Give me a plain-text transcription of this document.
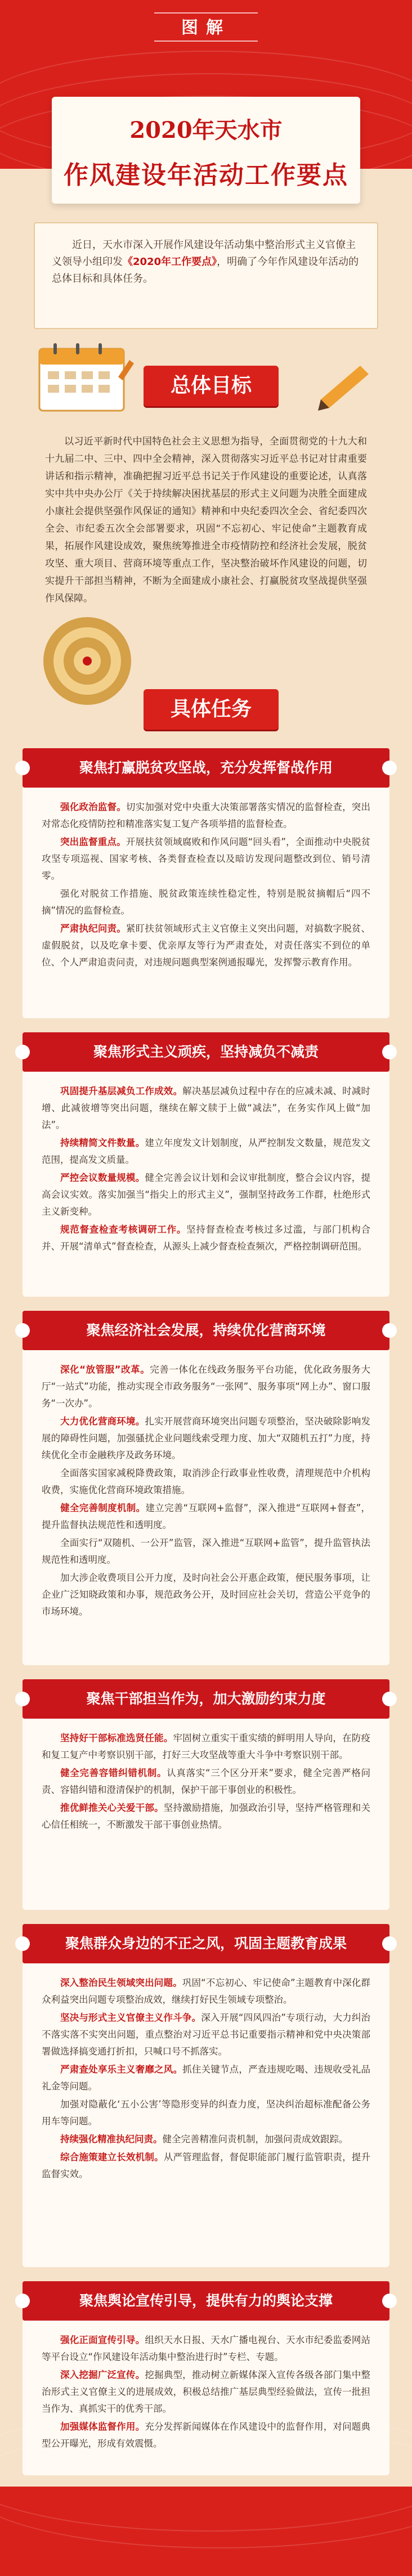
图解
2020年天水市
作风建设年活动工作要点
近日，天水市深入开展作风建设年活动集中整治形式主义官僚主义领导小组印发《2020年工作要点》，明确了今年作风建设年活动的总体目标和具体任务。
总体目标
以习近平新时代中国特色社会主义思想为指导，全面贯彻党的十九大和十九届二中、三中、四中全会精神，深入贯彻落实习近平总书记对甘肃重要讲话和指示精神，准确把握习近平总书记关于作风建设的重要论述，认真落实中共中央办公厅《关于持续解决困扰基层的形式主义问题为决胜全面建成小康社会提供坚强作风保证的通知》精神和中央纪委四次全会、省纪委四次全会、市纪委五次全会部署要求，巩固“不忘初心、牢记使命”主题教育成果，拓展作风建设成效，聚焦统筹推进全市疫情防控和经济社会发展，脱贫攻坚、重大项目、营商环境等重点工作，坚决整治破坏作风建设的问题，切实提升干部担当精神，不断为全面建成小康社会、打赢脱贫攻坚战提供坚强作风保障。
具体任务
聚焦打赢脱贫攻坚战，充分发挥督战作用

强化政治监督。切实加强对党中央重大决策部署落实情况的监督检查，突出对常态化疫情防控和精准落实复工复产各项举措的监督检查。

突出监督重点。开展扶贫领域腐败和作风问题“回头看”，全面推动中央脱贫攻坚专项巡视、国家考核、各类督查检查以及暗访发现问题整改到位、销号清零。

强化对脱贫工作措施、脱贫政策连续性稳定性，特别是脱贫摘帽后“四不摘”情况的监督检查。

严肃执纪问责。紧盯扶贫领域形式主义官僚主义突出问题，对搞数字脱贫、虚假脱贫，以及吃拿卡要、优亲厚友等行为严肃查处，对责任落实不到位的单位、个人严肃追责问责，对违规问题典型案例通报曝光，发挥警示教育作用。

聚焦形式主义顽疾，坚持减负不减责

巩固提升基层减负工作成效。解决基层减负过程中存在的应减未减、时减时增、此减彼增等突出问题，继续在解文牍于上做“减法”，在务实作风上做“加法”。

持续精简文件数量。建立年度发文计划制度，从严控制发文数量，规范发文范围，提高发文质量。

严控会议数量规模。健全完善会议计划和会议审批制度，整合会议内容，提高会议实效。落实加强当“指尖上的形式主义”，强制坚持政务工作群，杜绝形式主义新变种。

规范督查检查考核调研工作。坚持督查检查考核过多过滥，与部门机构合并、开展“清单式”督查检查，从源头上减少督查检查频次，严格控制调研范围。

聚焦经济社会发展，持续优化营商环境

深化“放管服”改革。完善一体化在线政务服务平台功能，优化政务服务大厅“一站式”功能，推动实现全市政务服务“一张网”、服务事项“网上办”、窗口服务“一次办”。

大力优化营商环境。扎实开展营商环境突出问题专项整治，坚决破除影响发展的障碍性问题，加强骚扰企业问题线索受理力度、加大“双随机五打”力度，持续优化全市金融秩序及政务环境。

全面落实国家减税降费政策，取消涉企行政事业性收费，清理规范中介机构收费，实施优化营商环境政策措施。

健全完善制度机制。建立完善“互联网+监督”，深入推进“互联网+督查”，提升监督执法规范性和透明度。

全面实行“双随机、一公开”监管，深入推进“互联网+监管”，提升监管执法规范性和透明度。

加大涉企收费项目公开力度，及时向社会公开惠企政策，便民服务事项，让企业广泛知晓政策和办事，规范政务公开，及时回应社会关切，营造公平竞争的市场环境。

聚焦干部担当作为，加大激励约束力度

坚持好干部标准选贤任能。牢固树立重实干重实绩的鲜明用人导向，在防疫和复工复产中考察识别干部，打好三大攻坚战等重大斗争中考察识别干部。

健全完善容错纠错机制。认真落实“三个区分开来”要求，健全完善严格问责、容错纠错和澄清保护的机制，保护干部干事创业的积极性。

推优鲜推关心关爱干部。坚持激励措施，加强政治引导，坚持严格管理和关心信任相统一，不断激发干部干事创业热情。

聚焦群众身边的不正之风，巩固主题教育成果

深入整治民生领域突出问题。巩固“不忘初心、牢记使命”主题教育中深化群众利益突出问题专项整治成效，继续打好民生领域专项整治。

坚决与形式主义官僚主义作斗争。深入开展“四风四治”专项行动，大力纠治不落实落不实突出问题，重点整治对习近平总书记重要指示精神和党中央决策部署做选择搞变通打折扣，只喊口号不抓落实。

严肃查处享乐主义奢靡之风。抓住关键节点，严查违规吃喝、违规收受礼品礼金等问题。

加强对隐蔽化‘五小公害’等隐形变异的纠查力度，坚决纠治超标准配备公务用车等问题。

持续强化精准执纪问责。健全完善精准问责机制，加强问责成效跟踪。

综合施策建立长效机制。从严管理监督，督促职能部门履行监管职责，提升监督实效。

聚焦舆论宣传引导，提供有力的舆论支撑

强化正面宣传引导。组织天水日报、天水广播电视台、天水市纪委监委网站等平台设立“作风建设年活动集中整治进行时”专栏、专题。

深入挖掘广泛宣传。挖掘典型，推动树立新媒体深入宣传各级各部门集中整治形式主义官僚主义的进展成效，积极总结推广基层典型经验做法，宣传一批担当作为、真抓实干的优秀干部。

加强媒体监督作用。充分发挥新闻媒体在作风建设中的监督作用，对问题典型公开曝光，形成有效震慑。
